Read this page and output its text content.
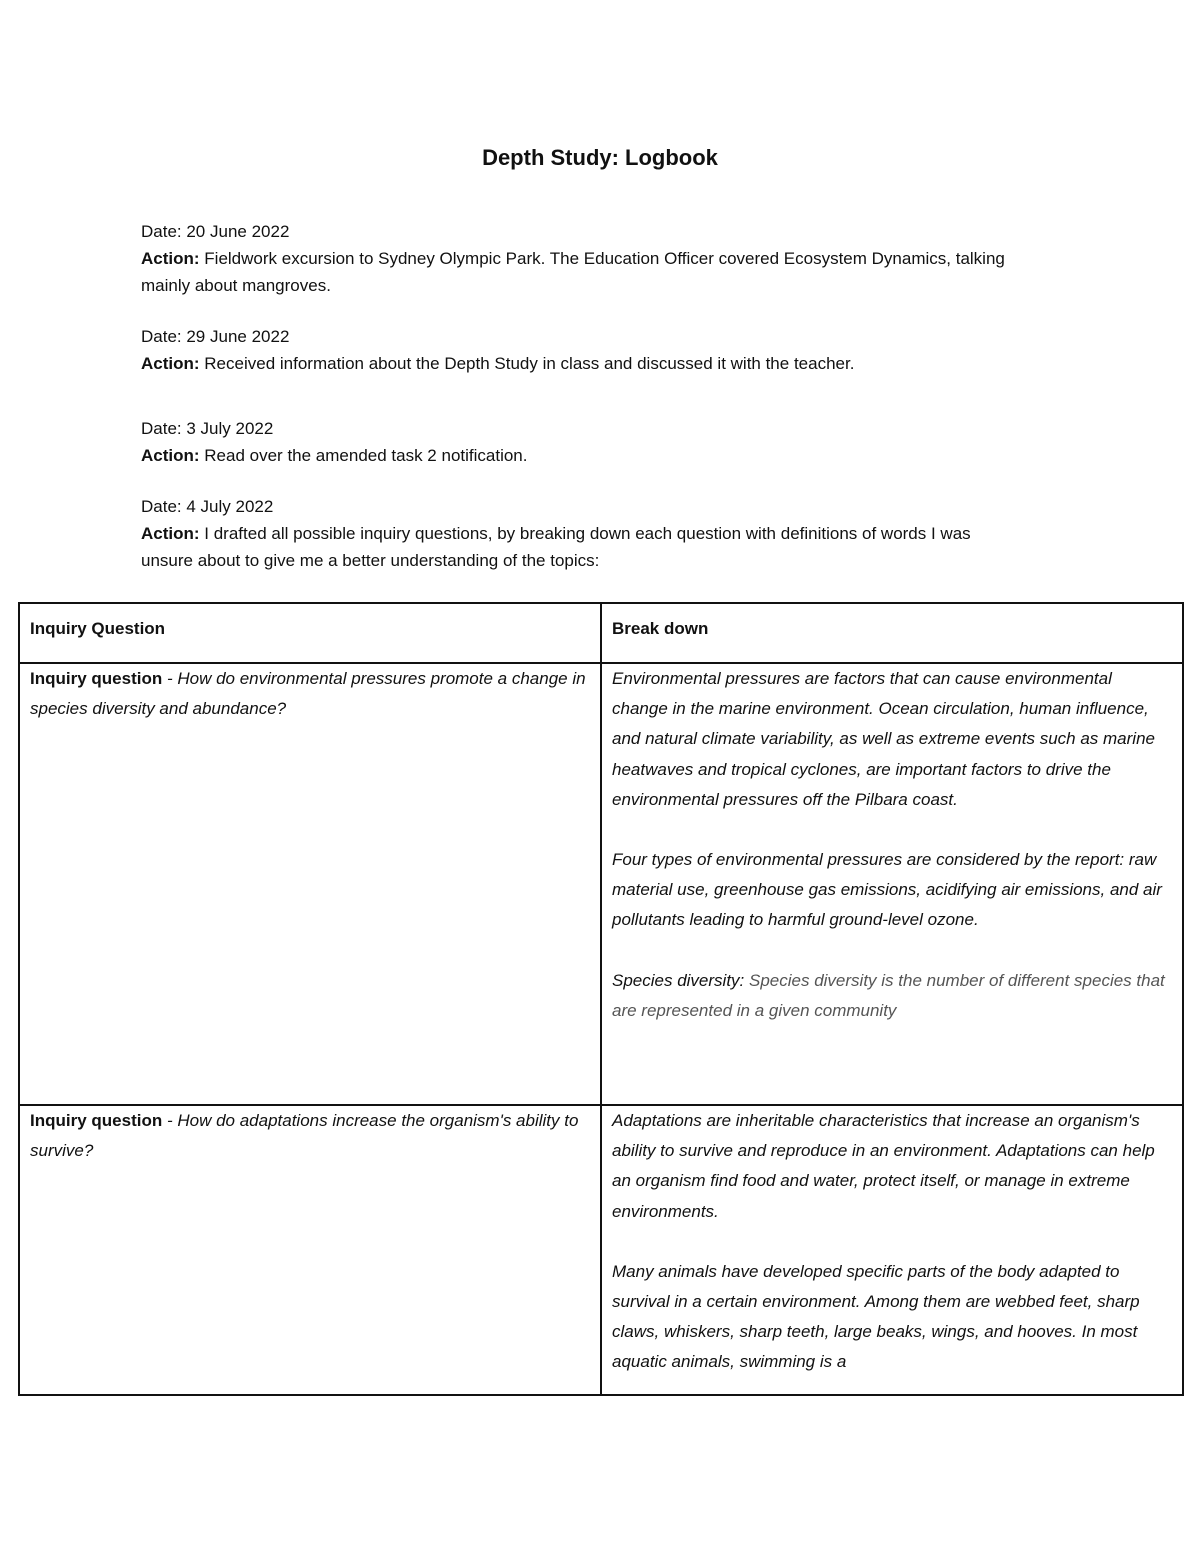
Depth Study: Logbook

Date: 20 June 2022

Action: Fieldwork excursion to Sydney Olympic Park. The Education Officer covered Ecosystem Dynamics, talking mainly about mangroves.

Date: 29 June 2022

Action: Received information about the Depth Study in class and discussed it with the teacher.

Date: 3 July 2022

Action: Read over the amended task 2 notification.

Date: 4 July 2022

Action: I drafted all possible inquiry questions, by breaking down each question with definitions of words I was unsure about to give me a better understanding of the topics:

Inquiry Question	Break down

Inquiry question - How do environmental pressures promote a change in species diversity and abundance?	Environmental pressures are factors that can cause environmental change in the marine environment. Ocean circulation, human influence, and natural climate variability, as well as extreme events such as marine heatwaves and tropical cyclones, are important factors to drive the environmental pressures off the Pilbara coast.

Four types of environmental pressures are considered by the report: raw material use, greenhouse gas emissions, acidifying air emissions, and air pollutants leading to harmful ground-level ozone.

Species diversity: Species diversity is the number of different species that are represented in a given community

Inquiry question - How do adaptations increase the organism's ability to survive?	Adaptations are inheritable characteristics that increase an organism's ability to survive and reproduce in an environment. Adaptations can help an organism find food and water, protect itself, or manage in extreme environments.

Many animals have developed specific parts of the body adapted to survival in a certain environment. Among them are webbed feet, sharp claws, whiskers, sharp teeth, large beaks, wings, and hooves. In most aquatic animals, swimming is a
